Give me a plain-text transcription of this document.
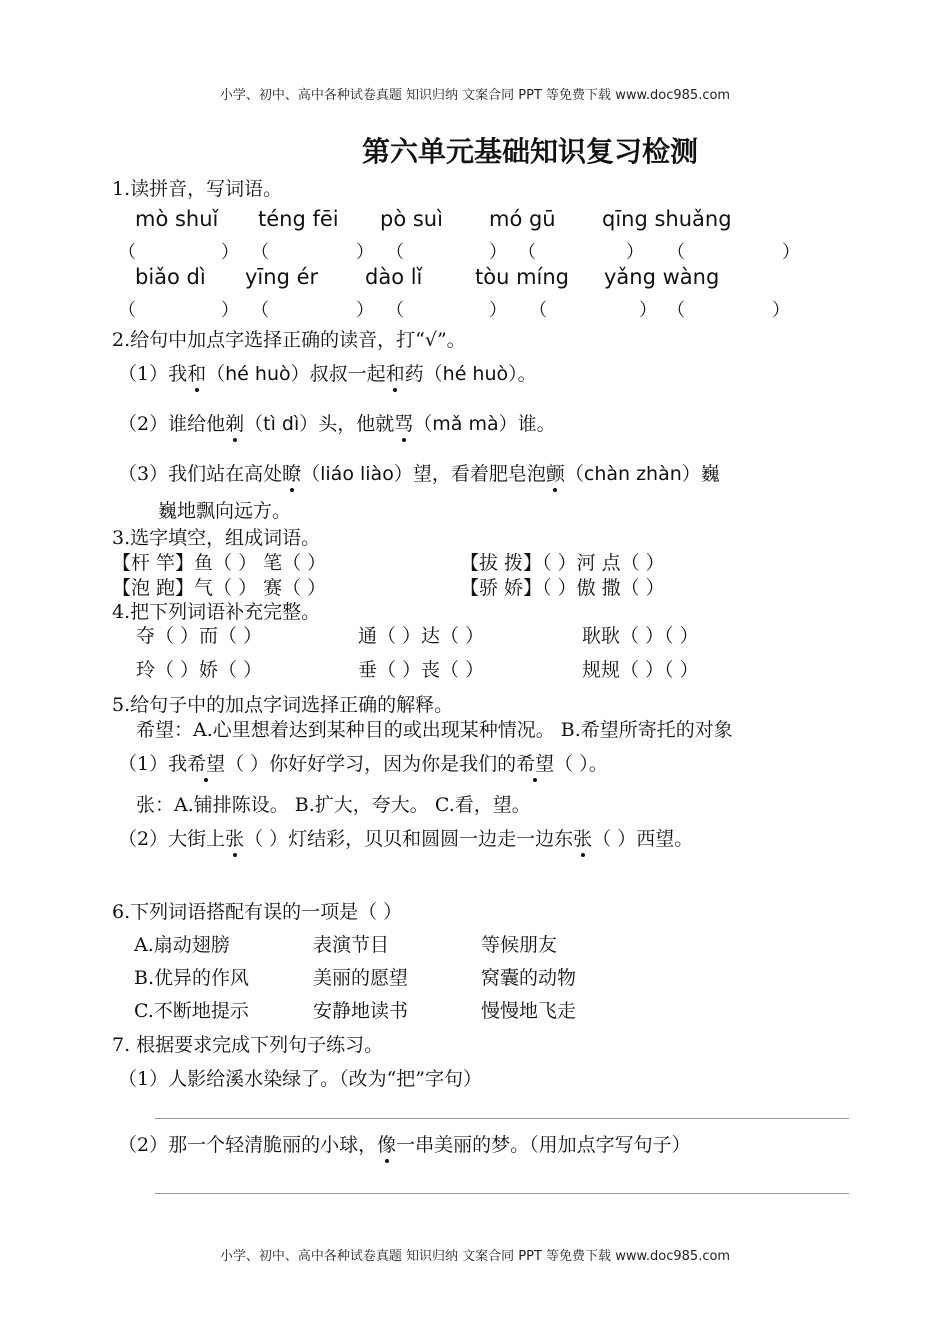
小学、初中、高中各种试卷真题 知识归纳 文案合同 PPT 等免费下载 www.doc985.com
第六单元基础知识复习检测
1.读拼音，写词语。
mò shuǐ téng fēi pò suì mó gū qīng shuǎng
（	） （	） （	） （	） （	）
biǎo dì yīng ér dào lǐ	tòu míng yǎng wàng
（	） （	） （	） （	） （	）
2.给句中加点字选择正确的读音，打“√”。
（1）我和（hé huò）叔叔一起和药（hé huò）。
（2）谁给他剃（tì dì）头，他就骂（mǎ mà）谁。
（3）我们站在高处瞭（liáo liào）望，看着肥皂泡颤（chàn zhàn）巍
巍地飘向远方。
3.选字填空，组成词语。
【杆 竿】鱼（ ） 笔（ ）	【拔 拨】（ ）河 点（ ）
【泡 跑】气（ ） 赛（ ）	【骄 娇】（ ）傲 撒（ ）
4.把下列词语补充完整。
夺（ ）而（ ）	通（ ）达（ ）	耿耿（ ）（ ）
玲（ ）娇（ ）	垂（ ）丧（ ）	规规（ ）（ ）
5.给句子中的加点字词选择正确的解释。
希望：A.心里想着达到某种目的或出现某种情况。 B.希望所寄托的对象
（1）我希望（ ）你好好学习，因为你是我们的希望（ ）。
张：A.铺排陈设。 B.扩大，夸大。 C.看，望。
（2）大街上张（ ）灯结彩，贝贝和圆圆一边走一边东张（ ）西望。
6.下列词语搭配有误的一项是（ ）
A.扇动翅膀	表演节目	等候朋友
B.优异的作风	美丽的愿望	窝囊的动物
C.不断地提示	安静地读书	慢慢地飞走
7. 根据要求完成下列句子练习。
（1）人影给溪水染绿了。（改为“把”字句）
（2）那一个轻清脆丽的小球，像一串美丽的梦。（用加点字写句子）
小学、初中、高中各种试卷真题 知识归纳 文案合同 PPT 等免费下载 www.doc985.com
